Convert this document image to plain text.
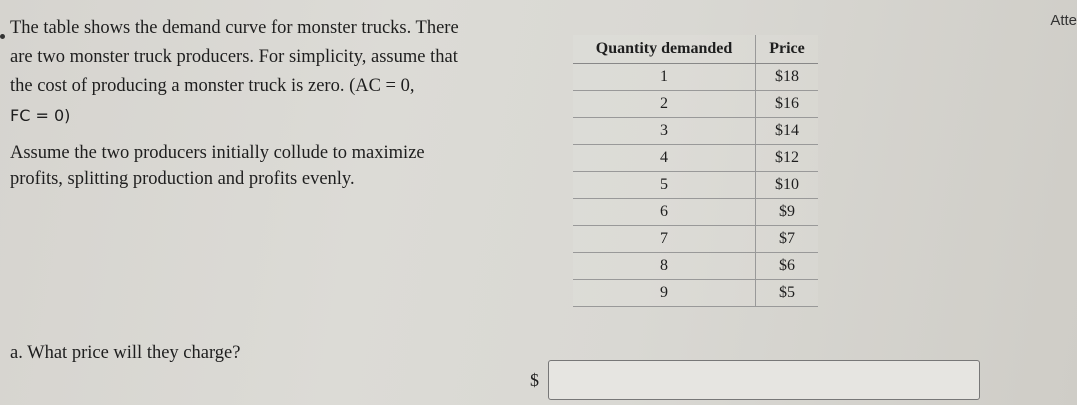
Atte

The table shows the demand curve for monster trucks. There

are two monster truck producers. For simplicity, assume that

the cost of producing a monster truck is zero. (AC = 0,

FC = 0)

Assume the two producers initially collude to maximize

profits, splitting production and profits evenly.

Quantity demanded	Price
1	$18
2	$16
3	$14
4	$12
5	$10
6	$9
7	$7
8	$6
9	$5
a. What price will they charge?
$
